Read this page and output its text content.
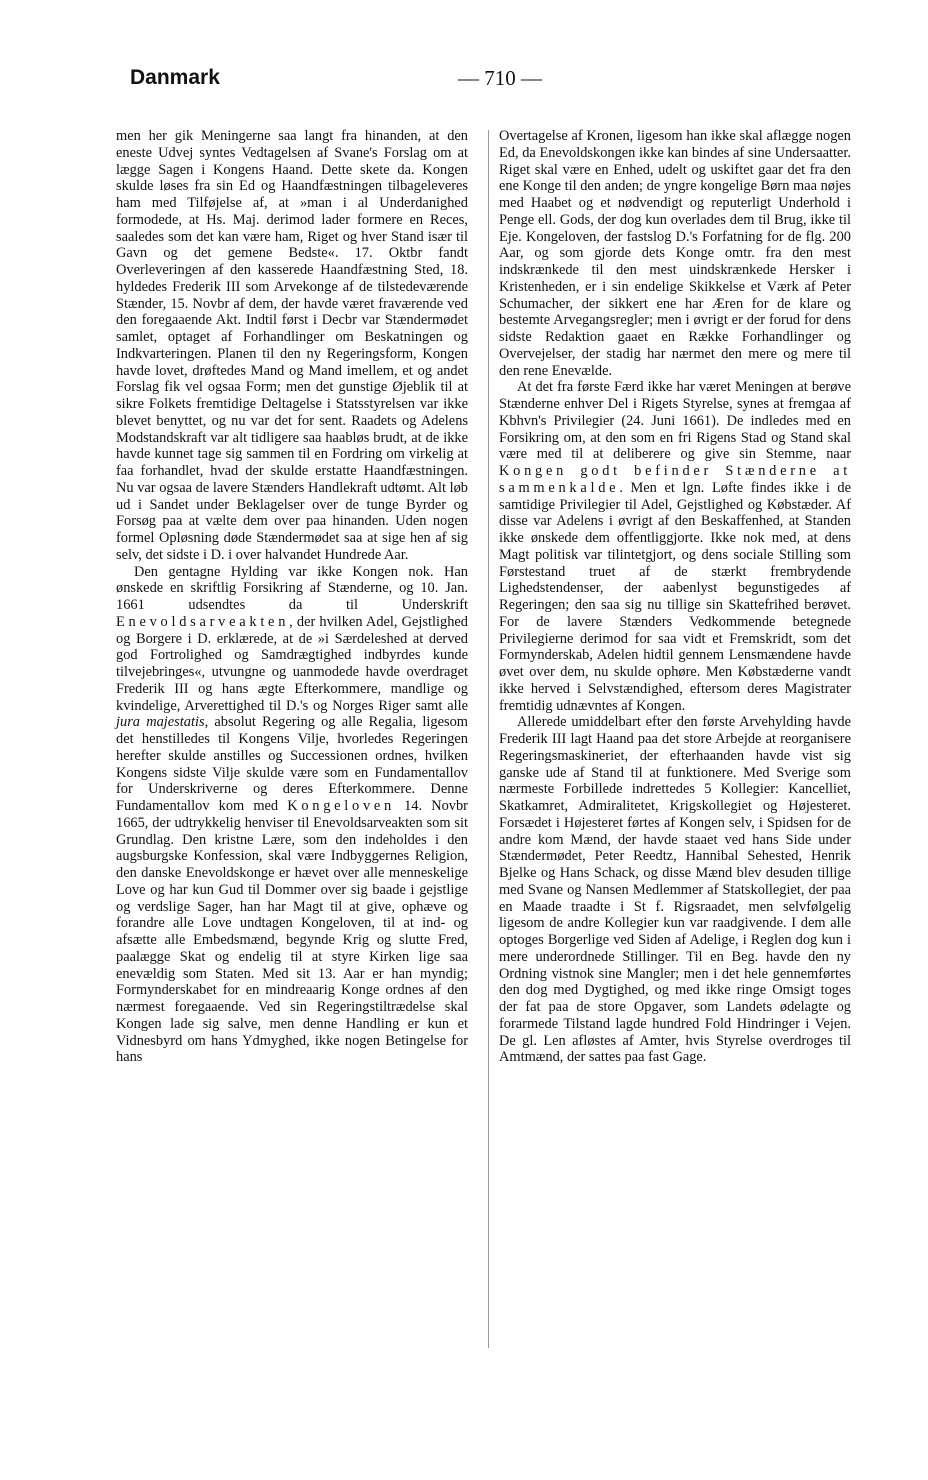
Danmark	— 710 —

men her gik Meningerne saa langt fra hinanden, at den eneste Udvej syntes Vedtagelsen af Svane's Forslag om at lægge Sagen i Kongens Haand. Dette skete da. Kongen skulde løses fra sin Ed og Haandfæstningen tilbageleveres ham med Tilføjelse af, at »man i al Underdanighed formodede, at Hs. Maj. derimod lader formere en Reces, saaledes som det kan være ham, Riget og hver Stand især til Gavn og det gemene Bedste«. 17. Oktbr fandt Overleveringen af den kasserede Haandfæstning Sted, 18. hyldedes Frederik III som Arvekonge af de tilstedeværende Stænder, 15. Novbr af dem, der havde været fraværende ved den foregaaende Akt. Indtil først i Decbr var Stændermødet samlet, optaget af Forhandlinger om Beskatningen og Indkvarteringen. Planen til den ny Regeringsform, Kongen havde lovet, drøftedes Mand og Mand imellem, et og andet Forslag fik vel ogsaa Form; men det gunstige Øjeblik til at sikre Folkets fremtidige Deltagelse i Statsstyrelsen var ikke blevet benyttet, og nu var det for sent. Raadets og Adelens Modstandskraft var alt tidligere saa haabløs brudt, at de ikke havde kunnet tage sig sammen til en Fordring om virkelig at faa forhandlet, hvad der skulde erstatte Haandfæstningen. Nu var ogsaa de lavere Stænders Handlekraft udtømt. Alt løb ud i Sandet under Beklagelser over de tunge Byrder og Forsøg paa at vælte dem over paa hinanden. Uden nogen formel Opløsning døde Stændermødet saa at sige hen af sig selv, det sidste i D. i over halvandet Hundrede Aar.

Den gentagne Hylding var ikke Kongen nok. Han ønskede en skriftlig Forsikring af Stænderne, og 10. Jan. 1661 udsendtes da til Underskrift Enevoldsarveakten, der hvilken Adel, Gejstlighed og Borgere i D. erklærede, at de »i Særdeleshed at derved god Fortrolighed og Samdrægtighed indbyrdes kunde tilvejebringes«, utvungne og uanmodede havde overdraget Frederik III og hans ægte Efterkommere, mandlige og kvindelige, Arverettighed til D.'s og Norges Riger samt alle jura majestatis, absolut Regering og alle Regalia, ligesom det henstilledes til Kongens Vilje, hvorledes Regeringen herefter skulde anstilles og Successionen ordnes, hvilken Kongens sidste Vilje skulde være som en Fundamentallov for Underskriverne og deres Efterkommere. Denne Fundamentallov kom med Kongeloven 14. Novbr 1665, der udtrykkelig henviser til Enevoldsarveakten som sit Grundlag. Den kristne Lære, som den indeholdes i den augsburgske Konfession, skal være Indbyggernes Religion, den danske Enevoldskonge er hævet over alle menneskelige Love og har kun Gud til Dommer over sig baade i gejstlige og verdslige Sager, han har Magt til at give, ophæve og forandre alle Love undtagen Kongeloven, til at ind- og afsætte alle Embedsmænd, begynde Krig og slutte Fred, paalægge Skat og endelig til at styre Kirken lige saa enevældig som Staten. Med sit 13. Aar er han myndig; Formynderskabet for en mindreaarig Konge ordnes af den nærmest foregaaende. Ved sin Regeringstiltrædelse skal Kongen lade sig salve, men denne Handling er kun et Vidnesbyrd om hans Ydmyghed, ikke nogen Betingelse for hans

Overtagelse af Kronen, ligesom han ikke skal aflægge nogen Ed, da Enevoldskongen ikke kan bindes af sine Undersaatter. Riget skal være en Enhed, udelt og uskiftet gaar det fra den ene Konge til den anden; de yngre kongelige Børn maa nøjes med Haabet og et nødvendigt og reputerligt Underhold i Penge ell. Gods, der dog kun overlades dem til Brug, ikke til Eje. Kongeloven, der fastslog D.'s Forfatning for de flg. 200 Aar, og som gjorde dets Konge omtr. fra den mest indskrænkede til den mest uindskrænkede Hersker i Kristenheden, er i sin endelige Skikkelse et Værk af Peter Schumacher, der sikkert ene har Æren for de klare og bestemte Arvegangsregler; men i øvrigt er der forud for dens sidste Redaktion gaaet en Række Forhandlinger og Overvejelser, der stadig har nærmet den mere og mere til den rene Enevælde.

At det fra første Færd ikke har været Meningen at berøve Stænderne enhver Del i Rigets Styrelse, synes at fremgaa af Kbhvn's Privilegier (24. Juni 1661). De indledes med en Forsikring om, at den som en fri Rigens Stad og Stand skal være med til at deliberere og give sin Stemme, naar Kongen godt befinder Stænderne at sammenkalde. Men et lgn. Løfte findes ikke i de samtidige Privilegier til Adel, Gejstlighed og Købstæder. Af disse var Adelens i øvrigt af den Beskaffenhed, at Standen ikke ønskede dem offentliggjorte. Ikke nok med, at dens Magt politisk var tilintetgjort, og dens sociale Stilling som Førstestand truet af de stærkt frembrydende Lighedstendenser, der aabenlyst begunstigedes af Regeringen; den saa sig nu tillige sin Skattefrihed berøvet. For de lavere Stænders Vedkommende betegnede Privilegierne derimod for saa vidt et Fremskridt, som det Formynderskab, Adelen hidtil gennem Lensmændene havde øvet over dem, nu skulde ophøre. Men Købstæderne vandt ikke herved i Selvstændighed, eftersom deres Magistrater fremtidig udnævntes af Kongen.

Allerede umiddelbart efter den første Arvehylding havde Frederik III lagt Haand paa det store Arbejde at reorganisere Regeringsmaskineriet, der efterhaanden havde vist sig ganske ude af Stand til at funktionere. Med Sverige som nærmeste Forbillede indrettedes 5 Kollegier: Kancelliet, Skatkamret, Admiralitetet, Krigskollegiet og Højesteret. Forsædet i Højesteret førtes af Kongen selv, i Spidsen for de andre kom Mænd, der havde staaet ved hans Side under Stændermødet, Peter Reedtz, Hannibal Sehested, Henrik Bjelke og Hans Schack, og disse Mænd blev desuden tillige med Svane og Nansen Medlemmer af Statskollegiet, der paa en Maade traadte i St f. Rigsraadet, men selvfølgelig ligesom de andre Kollegier kun var raadgivende. I dem alle optoges Borgerlige ved Siden af Adelige, i Reglen dog kun i mere underordnede Stillinger. Til en Beg. havde den ny Ordning vistnok sine Mangler; men i det hele gennemførtes den dog med Dygtighed, og med ikke ringe Omsigt toges der fat paa de store Opgaver, som Landets ødelagte og forarmede Tilstand lagde hundred Fold Hindringer i Vejen. De gl. Len afløstes af Amter, hvis Styrelse overdroges til Amtmænd, der sattes paa fast Gage.
